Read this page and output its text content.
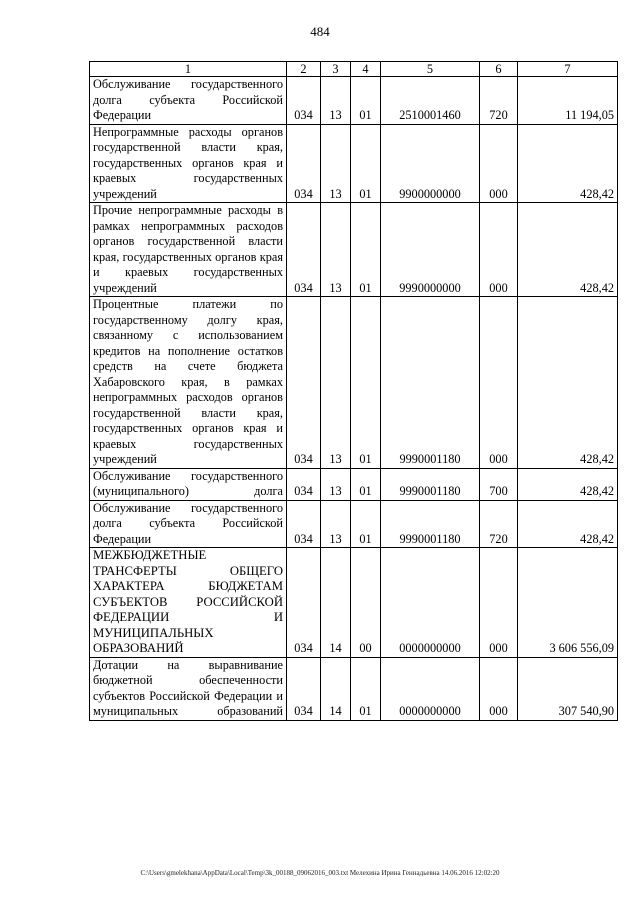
484
1	2	3	4	5	6	7
Обслуживание государственного долга субъекта Российской Федерации	034	13	01	2510001460	720	11 194,05
Непрограммные расходы органов государственной власти края, государственных органов края и краевых государственных учреждений	034	13	01	9900000000	000	428,42
Прочие непрограммные расходы в рамках непрограммных расходов органов государственной власти края, государственных органов края и краевых государственных учреждений	034	13	01	9990000000	000	428,42
Процентные платежи по государственному долгу края, связанному с использованием кредитов на пополнение остатков средств на счете бюджета Хабаровского края, в рамках непрограммных расходов органов государственной власти края, государственных органов края и краевых государственных учреждений	034	13	01	9990001180	000	428,42
Обслуживание государственного (муниципального) долга	034	13	01	9990001180	700	428,42
Обслуживание государственного долга субъекта Российской Федерации	034	13	01	9990001180	720	428,42
МЕЖБЮДЖЕТНЫЕ ТРАНСФЕРТЫ ОБЩЕГО ХАРАКТЕРА БЮДЖЕТАМ СУБЪЕКТОВ РОССИЙСКОЙ ФЕДЕРАЦИИ И МУНИЦИПАЛЬНЫХ ОБРАЗОВАНИЙ	034	14	00	0000000000	000	3 606 556,09
Дотации на выравнивание бюджетной обеспеченности субъектов Российской Федерации и муниципальных образований	034	14	01	0000000000	000	307 540,90
C:\Users\gmelekhana\AppData\Local\Temp\3k_00188_09062016_003.txt Мелехина Ирина Геннадьевна 14.06.2016 12:02:20
